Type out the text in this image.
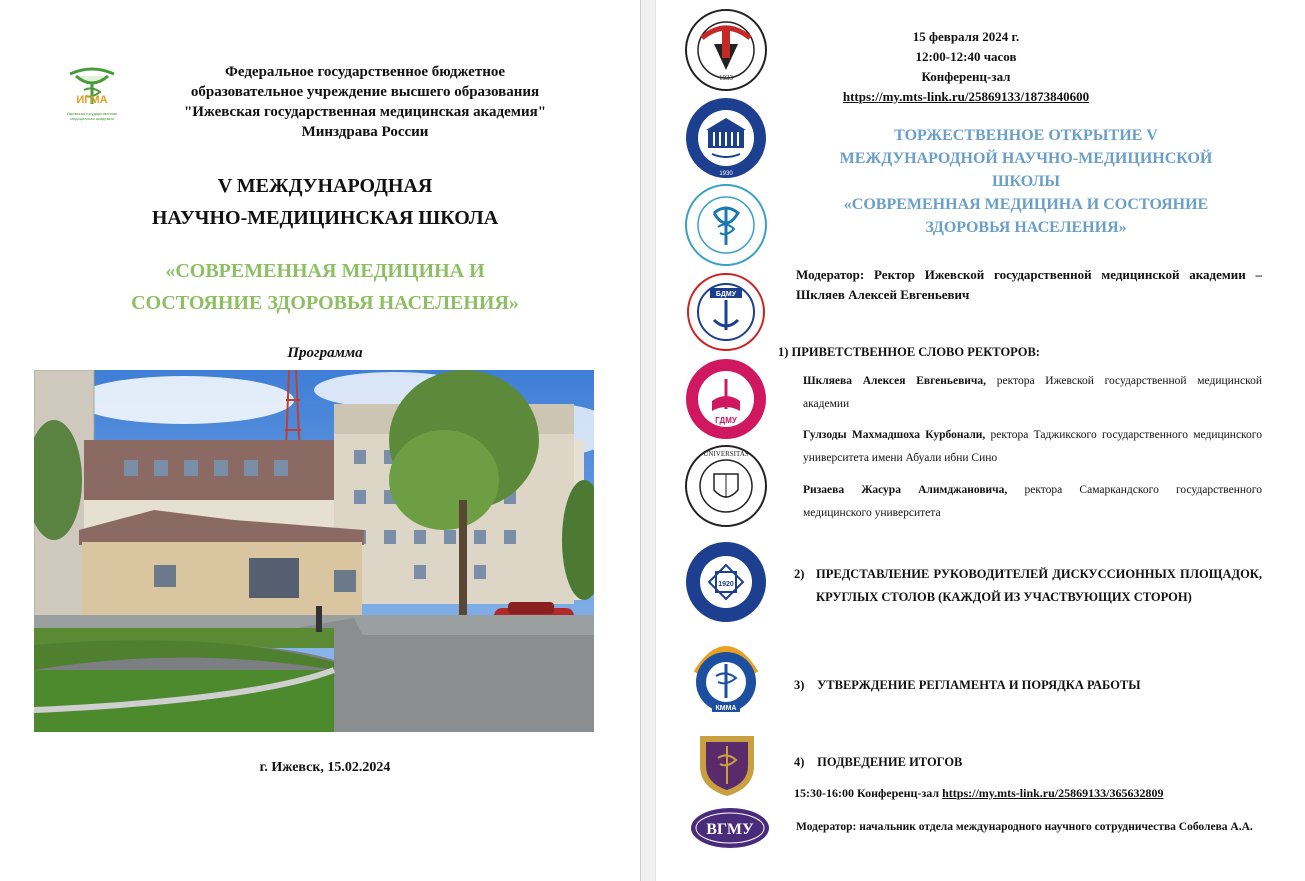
ИГМА
Ижевская государственная
медицинская академия
Федеральное государственное бюджетное
образовательное учреждение высшего образования
"Ижевская государственная медицинская академия"
Минздрава России
V МЕЖДУНАРОДНАЯ
НАУЧНО-МЕДИЦИНСКАЯ ШКОЛА
«СОВРЕМЕННАЯ МЕДИЦИНА И
СОСТОЯНИЕ ЗДОРОВЬЯ НАСЕЛЕНИЯ»
Программа
г. Ижевск, 15.02.2024
1933
1930
БДМУ
ГДМУ
UNIVERSITAS
1920
КММА
ВГМУ
15 февраля 2024 г.
12:00-12:40 часов
Конференц-зал
https://my.mts-link.ru/25869133/1873840600
ТОРЖЕСТВЕННОЕ ОТКРЫТИЕ V
МЕЖДУНАРОДНОЙ НАУЧНО-МЕДИЦИНСКОЙ
ШКОЛЫ
«СОВРЕМЕННАЯ МЕДИЦИНА И СОСТОЯНИЕ
ЗДОРОВЬЯ НАСЕЛЕНИЯ»
Модератор: Ректор Ижевской государственной медицинской академии – Шкляев Алексей Евгеньевич
1) ПРИВЕТСТВЕННОЕ СЛОВО РЕКТОРОВ:
Шкляева Алексея Евгеньевича, ректора Ижевской государственной медицинской академии
Гулзоды Махмадшоха Курбонали, ректора Таджикского государственного медицинского университета имени Абуали ибни Сино
Ризаева Жасура Алимджановича, ректора Самаркандского государственного медицинского университета
2) ПРЕДСТАВЛЕНИЕ РУКОВОДИТЕЛЕЙ ДИСКУССИОННЫХ ПЛОЩАДОК, КРУГЛЫХ СТОЛОВ (КАЖДОЙ ИЗ УЧАСТВУЮЩИХ СТОРОН)
3) УТВЕРЖДЕНИЕ РЕГЛАМЕНТА И ПОРЯДКА РАБОТЫ
4) ПОДВЕДЕНИЕ ИТОГОВ
15:30-16:00 Конференц-зал https://my.mts-link.ru/25869133/365632809
Модератор: начальник отдела международного научного сотрудничества Соболева А.А.
